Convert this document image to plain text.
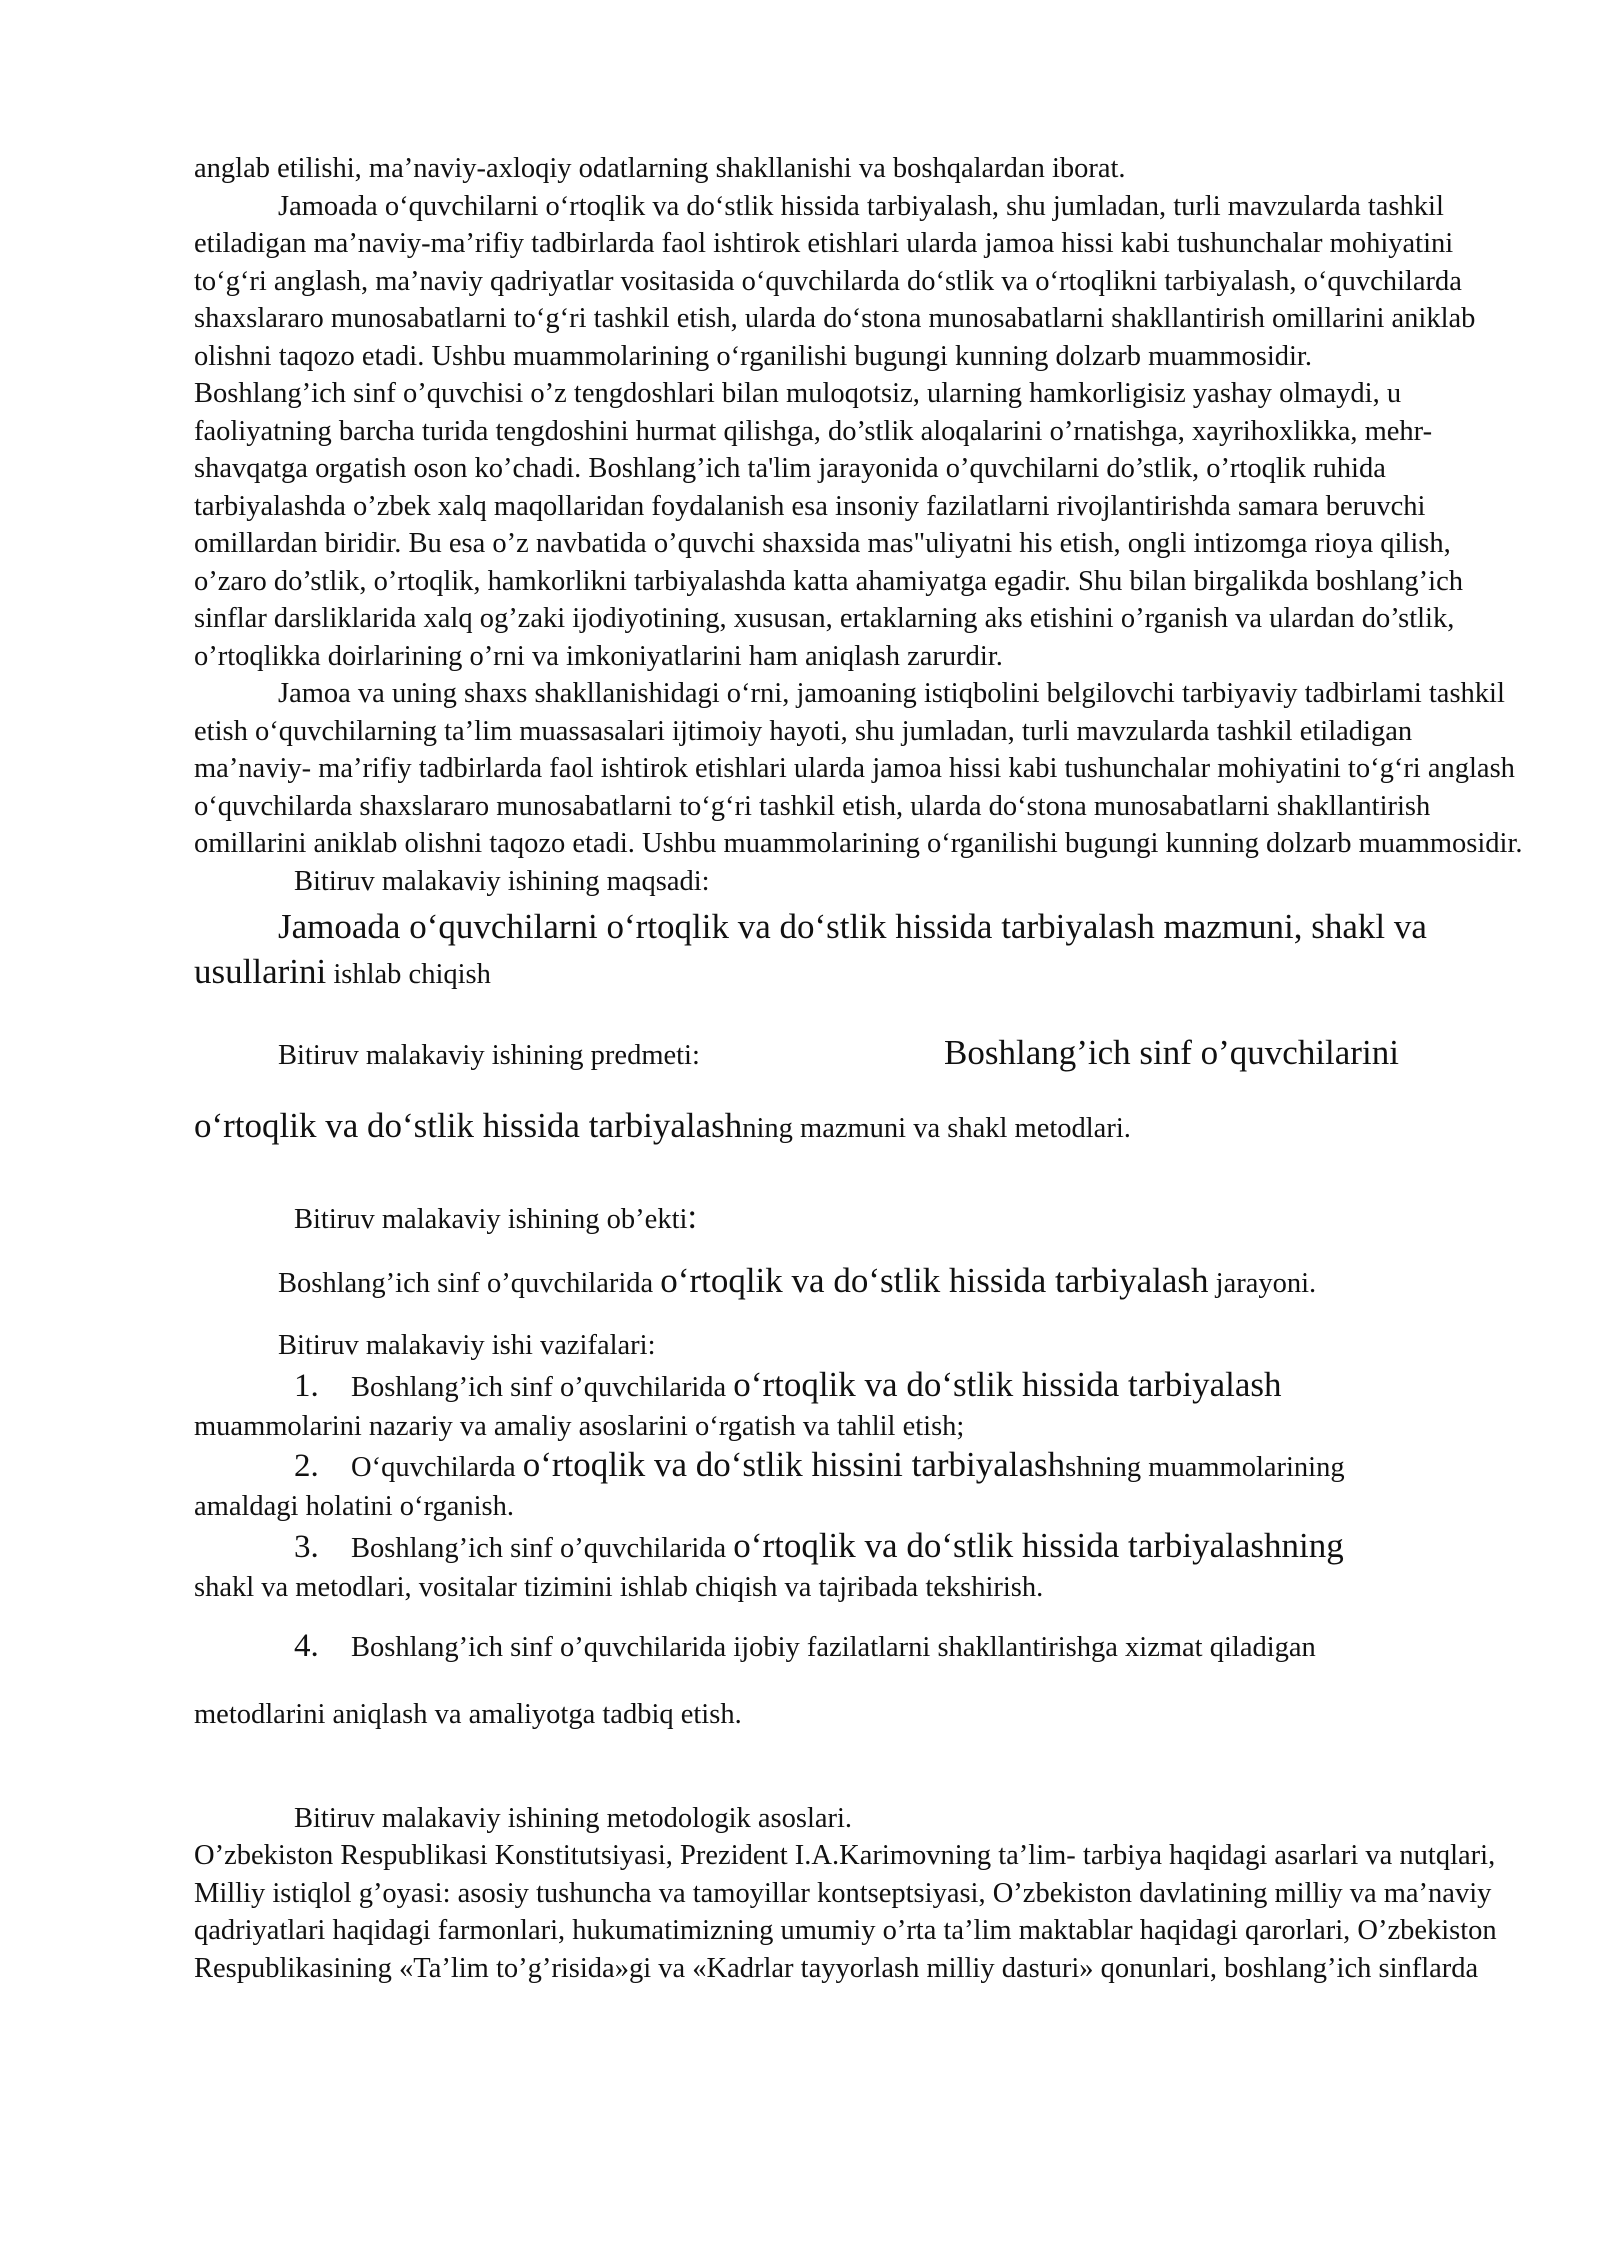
anglab etilishi, ma’naviy-axloqiy odatlarning shakllanishi va boshqalardan iborat.

Jamoada o‘quvchilarni o‘rtoqlik va do‘stlik hissida tarbiyalash, shu jumladan, turli mavzularda tashkil etiladigan ma’naviy-ma’rifiy tadbirlarda faol ishtirok etishlari ularda jamoa hissi kabi tushunchalar mohiyatini to‘g‘ri anglash, ma’naviy qadriyatlar vositasida o‘quvchilarda do‘stlik va o‘rtoqlikni tarbiyalash, o‘quvchilarda shaxslararo munosabatlarni to‘g‘ri tashkil etish, ularda do‘stona munosabatlarni shakllantirish omillarini aniklab olishni taqozo etadi. Ushbu muammolarining o‘rganilishi bugungi kunning dolzarb muammosidir.

Boshlang’ich sinf o’quvchisi o’z tengdoshlari bilan muloqotsiz, ularning hamkorligisiz yashay olmaydi, u faoliyatning barcha turida tengdoshini hurmat qilishga, do’stlik aloqalarini o’rnatishga, xayrihoxlikka, mehr-shavqatga orgatish oson ko’chadi. Boshlang’ich ta'lim jarayonida o’quvchilarni do’stlik, o’rtoqlik ruhida tarbiyalashda o’zbek xalq maqollaridan foydalanish esa insoniy fazilatlarni rivojlantirishda samara beruvchi omillardan biridir. Bu esa o’z navbatida o’quvchi shaxsida mas"uliyatni his etish, ongli intizomga rioya qilish, o’zaro do’stlik, o’rtoqlik, hamkorlikni tarbiyalashda katta ahamiyatga egadir. Shu bilan birgalikda boshlang’ich sinflar darsliklarida xalq og’zaki ijodiyotining, xususan, ertaklarning aks etishini o’rganish va ulardan do’stlik, o’rtoqlikka doirlarining o’rni va imkoniyatlarini ham aniqlash zarurdir.

Jamoa va uning shaxs shakllanishidagi o‘rni, jamoaning istiqbolini belgilovchi tarbiyaviy tadbirlami tashkil etish o‘quvchilarning ta’lim muassasalari ijtimoiy hayoti, shu jumladan, turli mavzularda tashkil etiladigan ma’naviy- ma’rifiy tadbirlarda faol ishtirok etishlari ularda jamoa hissi kabi tushunchalar mohiyatini to‘g‘ri anglash o‘quvchilarda shaxslararo munosabatlarni to‘g‘ri tashkil etish, ularda do‘stona munosabatlarni shakllantirish omillarini aniklab olishni taqozo etadi. Ushbu muammolarining o‘rganilishi bugungi kunning dolzarb muammosidir.

Bitiruv malakaviy ishining maqsadi:

Jamoada o‘quvchilarni o‘rtoqlik va do‘stlik hissida tarbiyalash mazmuni, shakl va usullarini ishlab chiqish

Bitiruv malakaviy ishining predmeti:	Boshlang’ich sinf o’quvchilarini

o‘rtoqlik va do‘stlik hissida tarbiyalashning mazmuni va shakl metodlari.

Bitiruv malakaviy ishining ob’ekti:

Boshlang’ich sinf o’quvchilarida o‘rtoqlik va do‘stlik hissida tarbiyalash jarayoni.

Bitiruv malakaviy ishi vazifalari:

1. Boshlang’ich sinf o’quvchilarida o‘rtoqlik va do‘stlik hissida tarbiyalash

muammolarini nazariy va amaliy asoslarini o‘rgatish va tahlil etish;

2. O‘quvchilarda o‘rtoqlik va do‘stlik hissini tarbiyalashshning muammolarining

amaldagi holatini o‘rganish.

3. Boshlang’ich sinf o’quvchilarida o‘rtoqlik va do‘stlik hissida tarbiyalashning

shakl va metodlari, vositalar tizimini ishlab chiqish va tajribada tekshirish.

4. Boshlang’ich sinf o’quvchilarida ijobiy fazilatlarni shakllantirishga xizmat qiladigan

metodlarini aniqlash va amaliyotga tadbiq etish.

Bitiruv malakaviy ishining metodologik asoslari.

O’zbekiston Respublikasi Konstitutsiyasi, Prezident I.A.Karimovning ta’lim- tarbiya haqidagi asarlari va nutqlari, Milliy istiqlol g’oyasi: asosiy tushuncha va tamoyillar kontseptsiyasi, O’zbekiston davlatining milliy va ma’naviy qadriyatlari haqidagi farmonlari, hukumatimizning umumiy o’rta ta’lim maktablar haqidagi qarorlari, O’zbekiston Respublikasining «Ta’lim to’g’risida»gi va «Kadrlar tayyorlash milliy dasturi» qonunlari, boshlang’ich sinflarda
